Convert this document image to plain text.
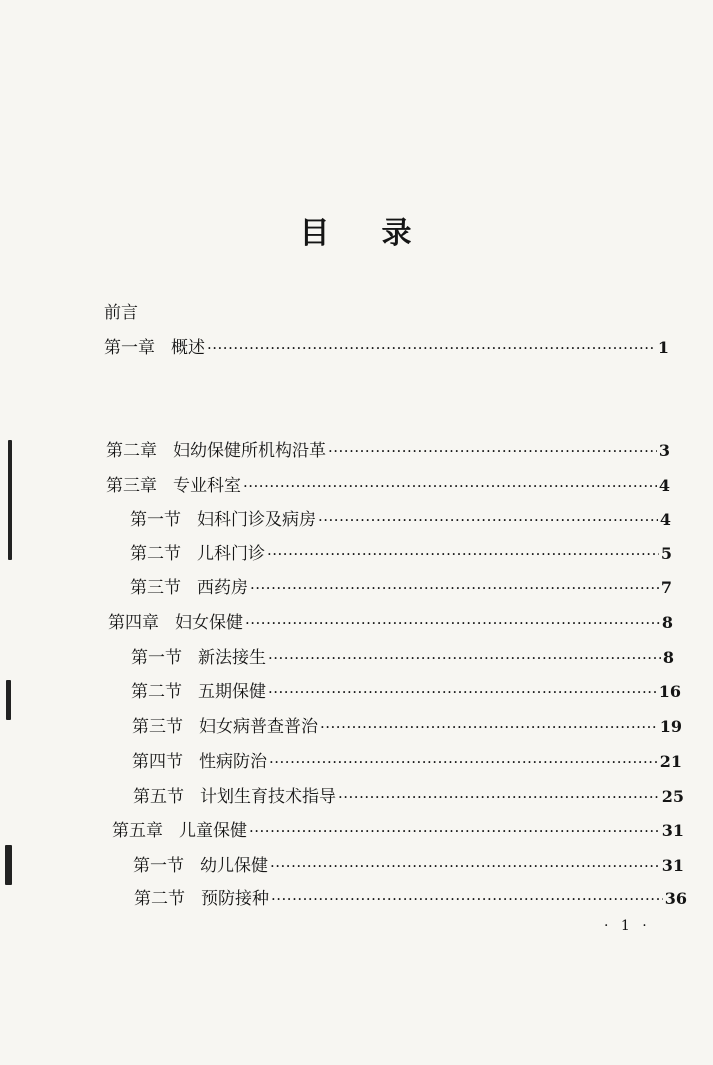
目 录
前言
第一章 概述 ·····	1
第二章 妇幼保健所机构沿革 ·····	3
第三章 专业科室 ·····	4
第一节 妇科门诊及病房 ·····	4
第二节 儿科门诊 ·····	5
第三节 西药房 ·····	7
第四章 妇女保健 ·····	8
第一节 新法接生 ·····	8
第二节 五期保健 ·····	16
第三节 妇女病普查普治 ·····	19
第四节 性病防治 ·····	21
第五节 计划生育技术指导 ·····	25
第五章 儿童保健 ·····	31
第一节 幼儿保健 ·····	31
第二节 预防接种 ·····	36
· 1 ·
